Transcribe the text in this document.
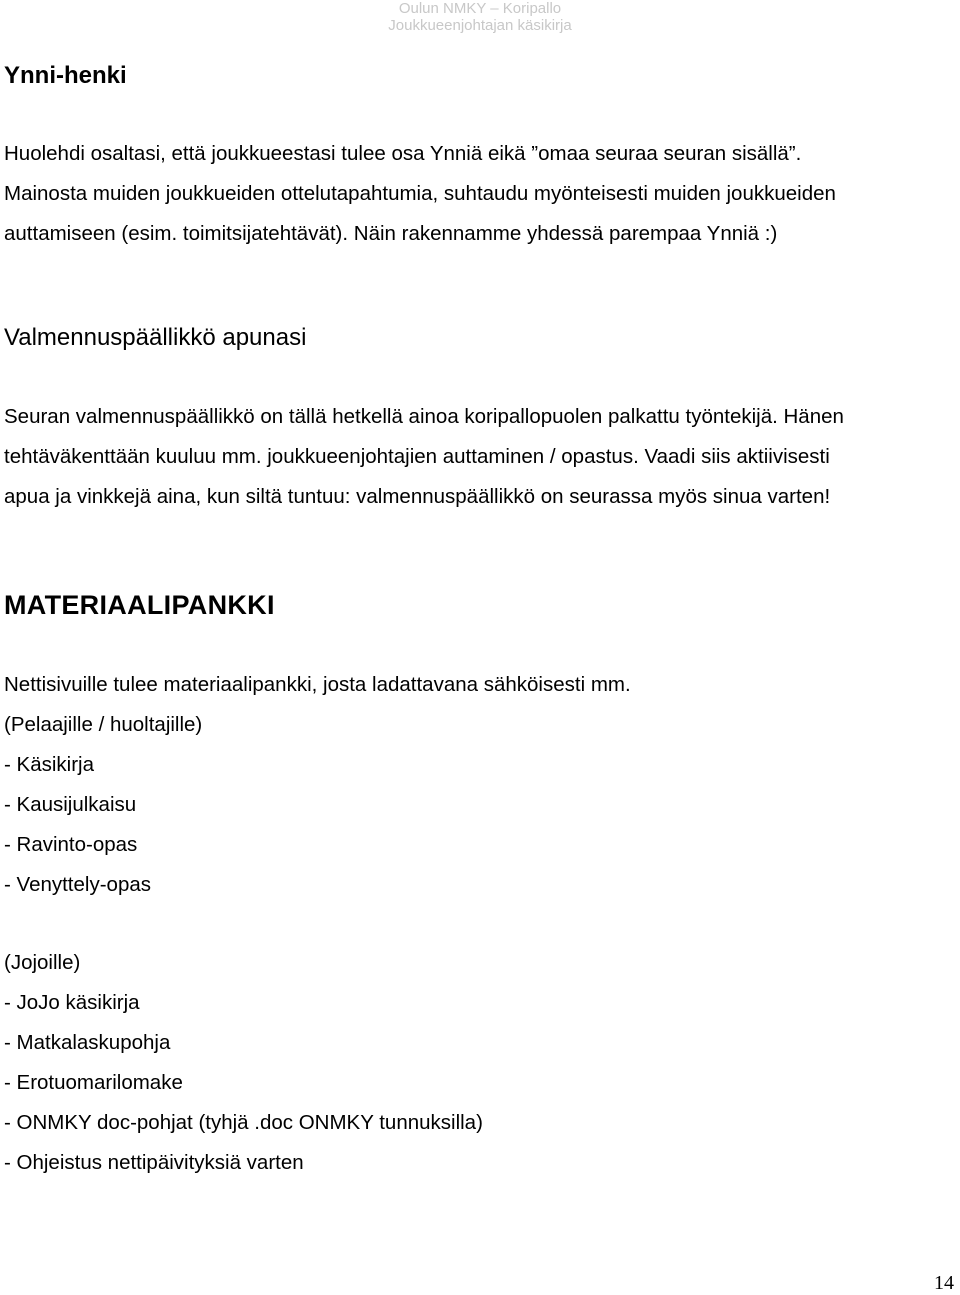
Oulun NMKY – Koripallo
Joukkueenjohtajan käsikirja
Ynni-henki
Huolehdi osaltasi, että joukkueestasi tulee osa Ynniä eikä ”omaa seuraa seuran sisällä”.
Mainosta muiden joukkueiden ottelutapahtumia, suhtaudu myönteisesti muiden joukkueiden
auttamiseen (esim. toimitsijatehtävät). Näin rakennamme yhdessä parempaa Ynniä :)
Valmennuspäällikkö apunasi
Seuran valmennuspäällikkö on tällä hetkellä ainoa koripallopuolen palkattu työntekijä. Hänen
tehtäväkenttään kuuluu mm. joukkueenjohtajien auttaminen / opastus. Vaadi siis aktiivisesti
apua ja vinkkejä aina, kun siltä tuntuu: valmennuspäällikkö on seurassa myös sinua varten!
MATERIAALIPANKKI
Nettisivuille tulee materiaalipankki, josta ladattavana sähköisesti mm.
(Pelaajille / huoltajille)
- Käsikirja
- Kausijulkaisu
- Ravinto-opas
- Venyttely-opas
(Jojoille)
- JoJo käsikirja
- Matkalaskupohja
- Erotuomarilomake
- ONMKY doc-pohjat (tyhjä .doc ONMKY tunnuksilla)
- Ohjeistus nettipäivityksiä varten
14
